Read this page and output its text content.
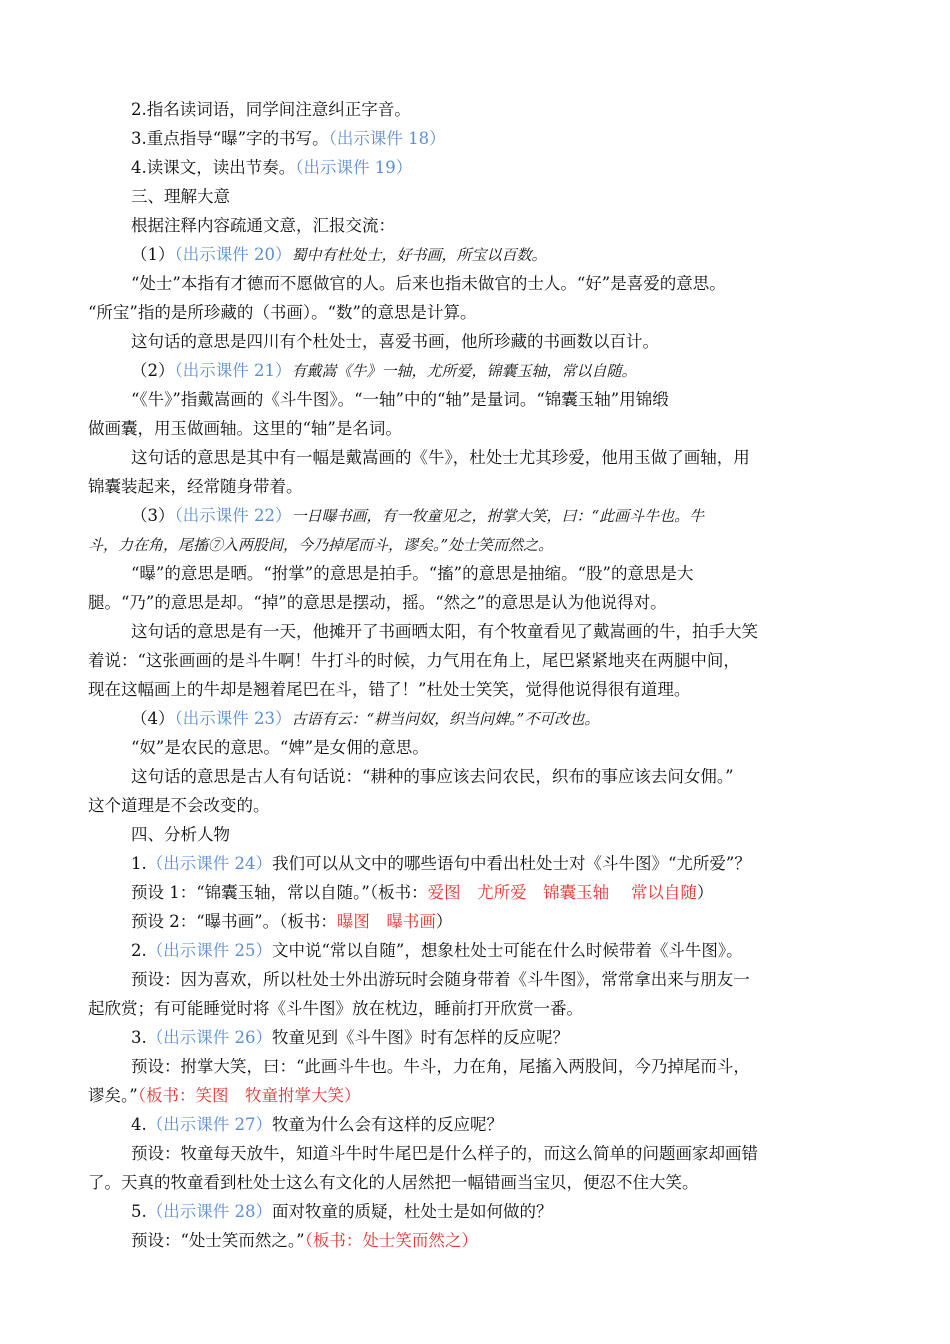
2.指名读词语，同学间注意纠正字音。

3.重点指导“曝”字的书写。（出示课件 18）

4.读课文，读出节奏。（出示课件 19）

三、理解大意

根据注释内容疏通文意，汇报交流：

（1）（出示课件 20）蜀中有杜处士，好书画，所宝以百数。

“处士”本指有才德而不愿做官的人。后来也指未做官的士人。“好”是喜爱的意思。

“所宝”指的是所珍藏的（书画）。“数”的意思是计算。

这句话的意思是四川有个杜处士，喜爱书画，他所珍藏的书画数以百计。

（2）（出示课件 21）有戴嵩《牛》一轴，尤所爱，锦囊玉轴，常以自随。

“《牛》”指戴嵩画的《斗牛图》。“一轴”中的“轴”是量词。“锦囊玉轴”用锦缎

做画囊，用玉做画轴。这里的“轴”是名词。

这句话的意思是其中有一幅是戴嵩画的《牛》，杜处士尤其珍爱，他用玉做了画轴，用

锦囊装起来，经常随身带着。

（3）（出示课件 22）一日曝书画，有一牧童见之，拊掌大笑，曰：“此画斗牛也。牛

斗，力在角，尾搐⑦入两股间，今乃掉尾而斗，谬矣。”处士笑而然之。

“曝”的意思是晒。“拊掌”的意思是拍手。“搐”的意思是抽缩。“股”的意思是大

腿。“乃”的意思是却。“掉”的意思是摆动，摇。“然之”的意思是认为他说得对。

这句话的意思是有一天，他摊开了书画晒太阳，有个牧童看见了戴嵩画的牛，拍手大笑

着说：“这张画画的是斗牛啊！牛打斗的时候，力气用在角上，尾巴紧紧地夹在两腿中间，

现在这幅画上的牛却是翘着尾巴在斗，错了！”杜处士笑笑，觉得他说得很有道理。

（4）（出示课件 23）古语有云：“耕当问奴，织当问婢。”不可改也。

“奴”是农民的意思。“婢”是女佣的意思。

这句话的意思是古人有句话说：“耕种的事应该去问农民，织布的事应该去问女佣。”

这个道理是不会改变的。

四、分析人物

1.（出示课件 24）我们可以从文中的哪些语句中看出杜处士对《斗牛图》“尤所爱”？

预设 1：“锦囊玉轴，常以自随。”（板书：爱图　尤所爱　锦囊玉轴　 常以自随）

预设 2：“曝书画”。（板书：曝图　曝书画）

2.（出示课件 25）文中说“常以自随”，想象杜处士可能在什么时候带着《斗牛图》。

预设：因为喜欢，所以杜处士外出游玩时会随身带着《斗牛图》，常常拿出来与朋友一

起欣赏；有可能睡觉时将《斗牛图》放在枕边，睡前打开欣赏一番。

3.（出示课件 26）牧童见到《斗牛图》时有怎样的反应呢？

预设：拊掌大笑，曰：“此画斗牛也。牛斗，力在角，尾搐入两股间，今乃掉尾而斗，

谬矣。”（板书：笑图　牧童拊掌大笑）

4.（出示课件 27）牧童为什么会有这样的反应呢？

预设：牧童每天放牛，知道斗牛时牛尾巴是什么样子的，而这么简单的问题画家却画错

了。天真的牧童看到杜处士这么有文化的人居然把一幅错画当宝贝，便忍不住大笑。

5.（出示课件 28）面对牧童的质疑，杜处士是如何做的？

预设：“处士笑而然之。”（板书：处士笑而然之）
